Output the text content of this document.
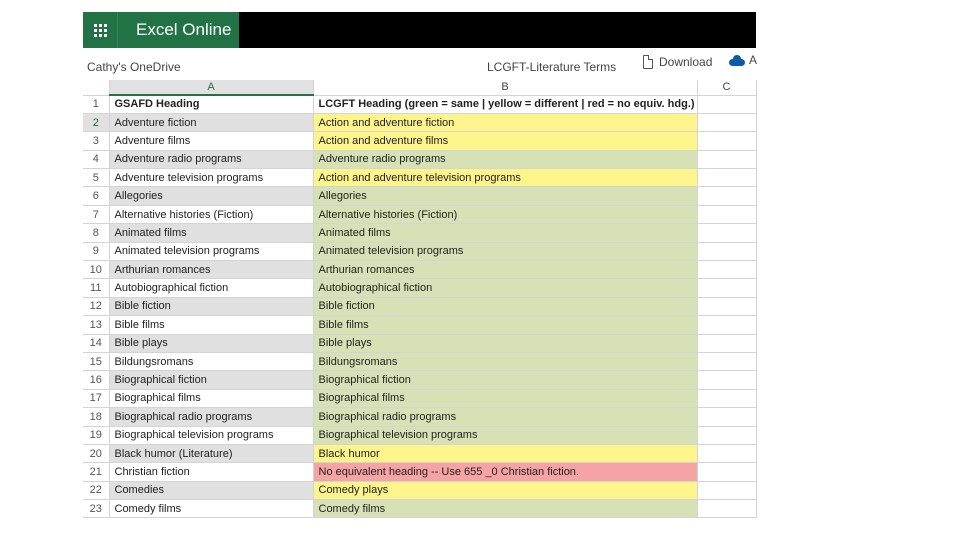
Excel Online
Cathy's OneDrive	LCGFT-Literature Terms	Download	A
	A	B	C
1	GSAFD Heading	LCGFT Heading (green = same | yellow = different | red = no equiv. hdg.)	
2	Adventure fiction	Action and adventure fiction	
3	Adventure films	Action and adventure films	
4	Adventure radio programs	Adventure radio programs	
5	Adventure television programs	Action and adventure television programs	
6	Allegories	Allegories	
7	Alternative histories (Fiction)	Alternative histories (Fiction)	
8	Animated films	Animated films	
9	Animated television programs	Animated television programs	
10	Arthurian romances	Arthurian romances	
11	Autobiographical fiction	Autobiographical fiction	
12	Bible fiction	Bible fiction	
13	Bible films	Bible films	
14	Bible plays	Bible plays	
15	Bildungsromans	Bildungsromans	
16	Biographical fiction	Biographical fiction	
17	Biographical films	Biographical films	
18	Biographical radio programs	Biographical radio programs	
19	Biographical television programs	Biographical television programs	
20	Black humor (Literature)	Black humor	
21	Christian fiction	No equivalent heading -- Use 655 _0 Christian fiction.	
22	Comedies	Comedy plays	
23	Comedy films	Comedy films	
